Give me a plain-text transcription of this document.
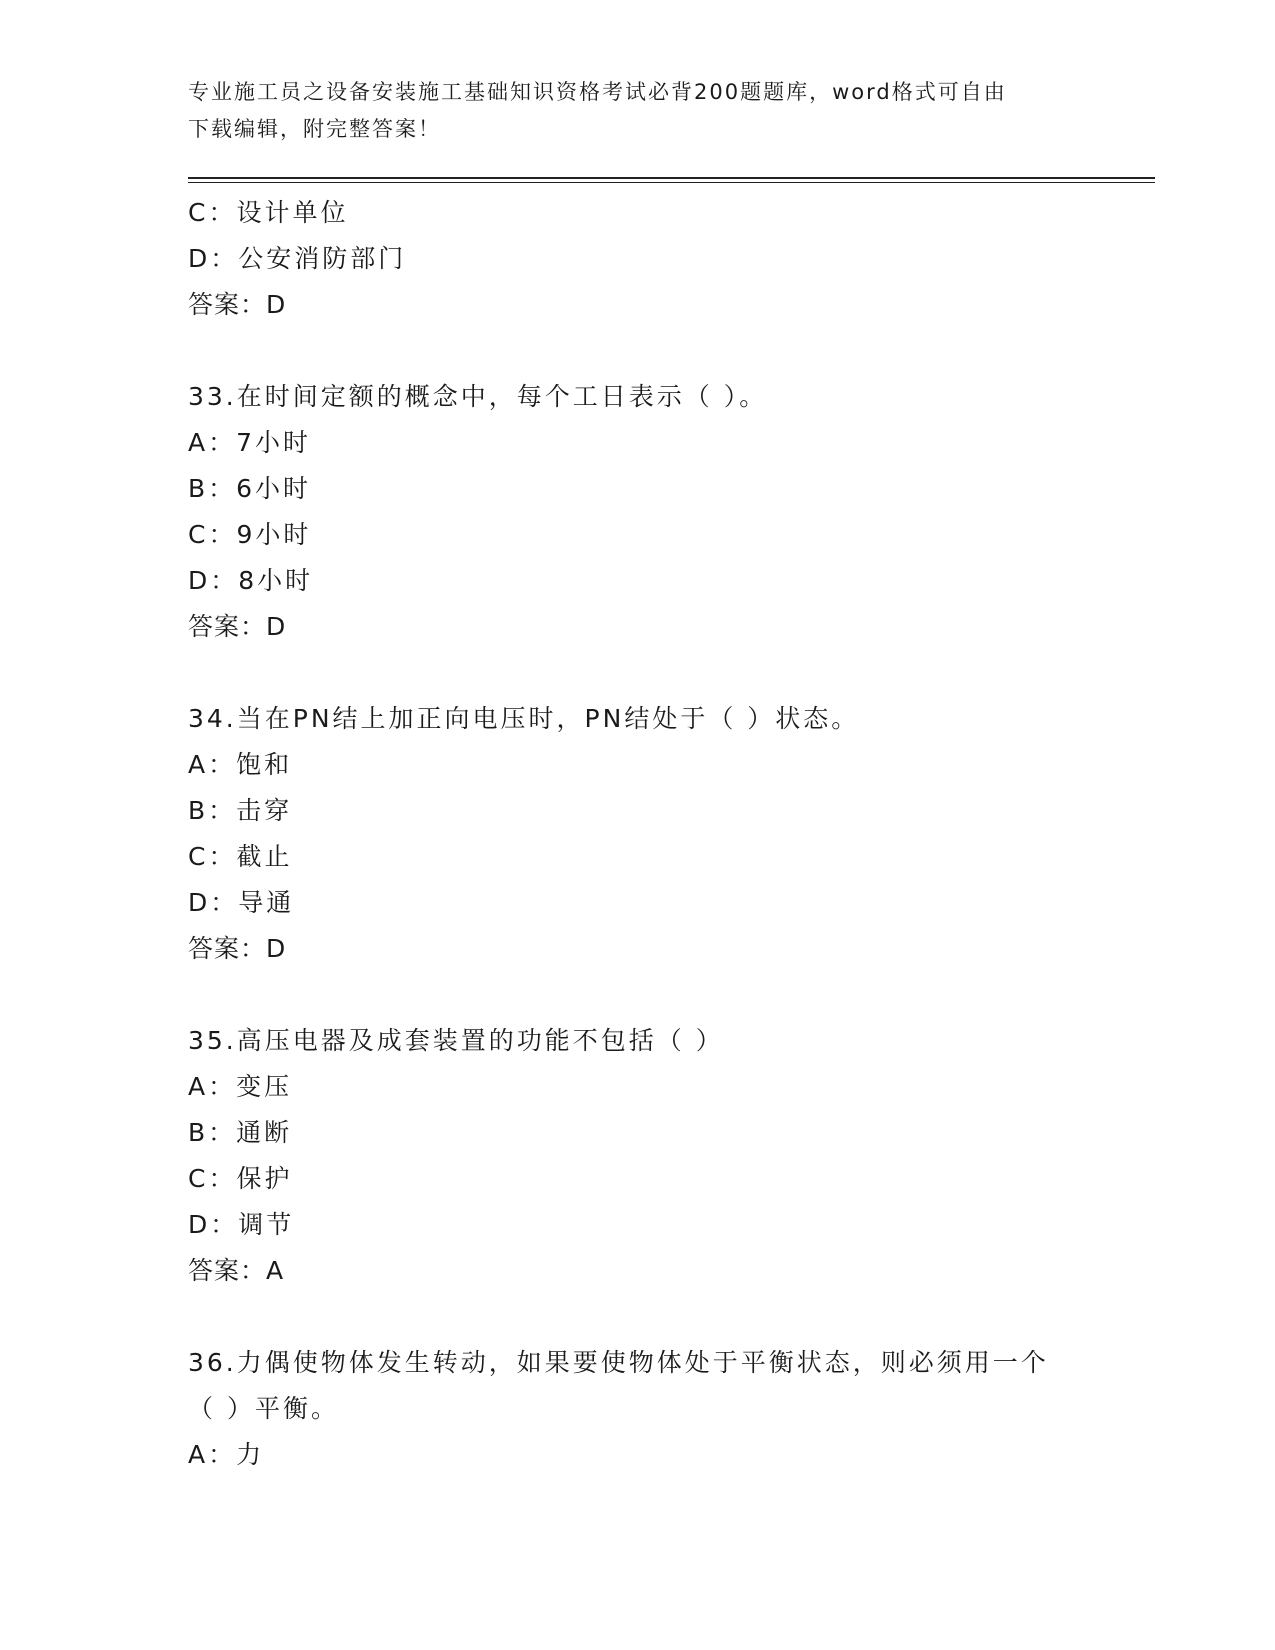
专业施工员之设备安装施工基础知识资格考试必背200题题库，word格式可自由
下载编辑，附完整答案！
C：设计单位
D：公安消防部门
答案：D
33.在时间定额的概念中，每个工日表示（ ）。
A：7小时
B：6小时
C：9小时
D：8小时
答案：D
34.当在PN结上加正向电压时，PN结处于（ ）状态。
A：饱和
B：击穿
C：截止
D：导通
答案：D
35.高压电器及成套装置的功能不包括（ ）
A：变压
B：通断
C：保护
D：调节
答案：A
36.力偶使物体发生转动，如果要使物体处于平衡状态，则必须用一个
（ ）平衡。
A：力
